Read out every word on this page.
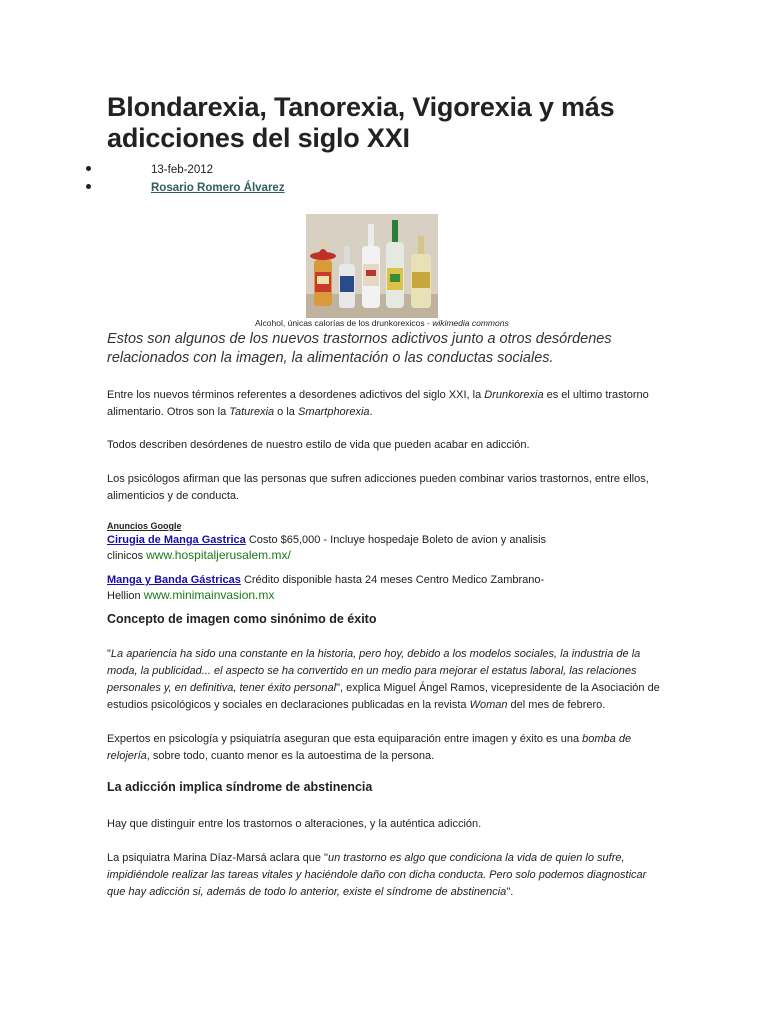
Blondarexia, Tanorexia, Vigorexia y más adicciones del siglo XXI
13-feb-2012
Rosario Romero Álvarez
Alcohol, únicas calorías de los drunkorexicos - wikimedia commons
Estos son algunos de los nuevos trastornos adictivos junto a otros desórdenes relacionados con la imagen, la alimentación o las conductas sociales.
Entre los nuevos términos referentes a desordenes adictivos del siglo XXI, la Drunkorexia es el ultimo trastorno alimentario. Otros son la Taturexia o la Smartphorexia.
Todos describen desórdenes de nuestro estilo de vida que pueden acabar en adicción.
Los psicólogos afirman que las personas que sufren adicciones pueden combinar varios trastornos, entre ellos, alimenticios y de conducta.
Anuncios Google
Cirugia de Manga Gastrica Costo $65,000 - Incluye hospedaje Boleto de avion y analisis clinicos www.hospitaljerusalem.mx/
Manga y Banda Gástricas Crédito disponible hasta 24 meses Centro Medico Zambrano-Hellion www.minimainvasion.mx
Concepto de imagen como sinónimo de éxito
"La apariencia ha sido una constante en la historia, pero hoy, debido a los modelos sociales, la industria de la moda, la publicidad... el aspecto se ha convertido en un medio para mejorar el estatus laboral, las relaciones personales y, en definitiva, tener éxito personal", explica Miguel Ángel Ramos, vicepresidente de la Asociación de estudios psicológicos y sociales en declaraciones publicadas en la revista Woman del mes de febrero.
Expertos en psicología y psiquiatría aseguran que esta equiparación entre imagen y éxito es una bomba de relojería, sobre todo, cuanto menor es la autoestima de la persona.
La adicción implica síndrome de abstinencia
Hay que distinguir entre los trastornos o alteraciones, y la auténtica adicción.
La psiquiatra Marina Díaz-Marsá aclara que "un trastorno es algo que condiciona la vida de quien lo sufre, impidiéndole realizar las tareas vitales y haciéndole daño con dicha conducta. Pero solo podemos diagnosticar que hay adicción si, además de todo lo anterior, existe el síndrome de abstinencia".
